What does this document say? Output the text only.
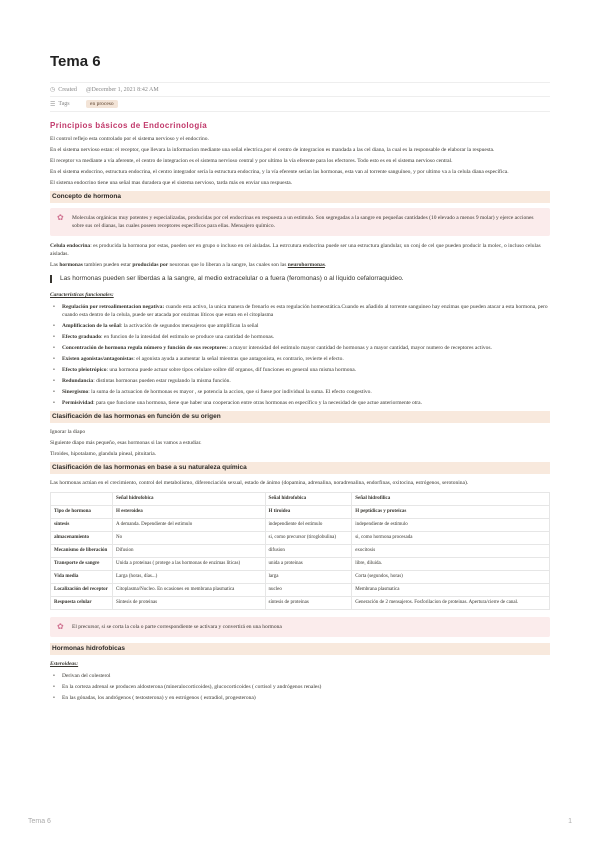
Tema 6
◷ Created @December 1, 2021 8:42 AM
☰ Tags	en proceso
Principios básicos de Endocrinología
El control reflejo esta controlado por el sistema nervioso y el endocrino.
En el sistema nervioso estan: el receptor, que llevara la informacion mediante una señal electrica,por el centro de integracion es mandada a las cel diana, la cual es la responsable de elaborar la respuesta.
El receptor va mediante a vía aferente, el centro de integracion es el sistema nervioso central y por ultimo la vía eferente para los efectores. Todo esto es en el sistema nervioso central.
En el sistema endocrino, estructura endocrina, el centro integrador sería la estructura endocrina, y la vía eferente serían las hormonas, esta van al torrente sanguíneo, y por ultimo va a la celula diana específica.
El sistema endocrino tiene una señal mas duradera que el sistema nervioso, tarda más en enviar una respuesta.
Concepto de hormona
✿ Moleculas orgánicas muy potentes y especializadas, producidas por cel endocrinas en respuesta a un estimulo. Son segregadas a la sangre en pequeñas cantidades (10 elevado a menos 9 molar) y ejerce acciones sobre sus cel dianas, las cuales poseen receptores específicos para ellas. Mensajero químico.
Celula endocrina: es producida la hormona por estas, pueden ser en grupo o incluso en cel aisladas. La estrcutura endocrina puede ser una estructura glandular, un conj de cel que pueden producir la molec, o incluso celulas aisladas.
Las hormonas tambien pueden estar producidas por neuronas que lo liberan a la sangre, las cuales son las neurohormonas.
Las hormonas pueden ser liberdas a la sangre, al medio extracelular o a fuera (feromonas) o al líquido cefalorraquideo.
Caracteristicas funcionales:
• Regulación por retroalimentacion negativa: cuando esta activo, la unica manera de frenarlo es esta regulación homeostática.Cuando es añadido al torrente sanguineo hay enzimas que pueden atacar a esta hormona, pero cuando esta dentro de la celula, puede ser atacada por enzimas líticos que estan en el citoplasma
• Amplificacion de la señal: la activación de segundos mensajeros que amplifican la señal
• Efecto graduado: en funcion de la intesidad del estimulo se produce una cantidad de hormonas.
• Concentración de hormona regula número y función de sus receptores: a mayor intensidad del estimulo mayor cantidad de hormonas y a mayor cantidad, mayor numero de receptores activos.
• Existen agonistas/antagonistas: el agonista ayuda a aumentar la señal mientras que antagonista, es contrario, revierte el efecto.
• Efecto pleiotrópico: una hormona puede actuar sobre tipos celulare soibre dif organos, dif funciones en general una misma hormona.
• Redundancia: distintas hormonas pueden estar regulando la misma función.
• Sinergismo: la suma de la actuacion de hormonas es mayor , se potencia la accion, que si fuese por individual la suma. El efecto congestivo.
• Permisividad: para que funcione una hormona, tiene que haber una cooperacion entre otras hormonas en específico y la necesidad de que actue anteriormente otra.
Clasificación de las hormonas en función de su origen
Ignorar la diapo
Siguiente diapo más pequeño, esas hormonas si las vamos a estudiar.
Tiroides, hipotalamo, glandula pineal, pituitaria.
Clasificación de las hormonas en base a su naturaleza química
Las hormonas actúan en el crecimiento, control del metabolismo, diferenciación sexual, estado de ánimo (dopamina, adrenalina, noradrenalina, endorfinas, oxitocina, estrógenos, serotonina).
	Señal hidrofobica	Señal hidrofobica	Señal hidrofilica
Tipo de hormona	H esteroidea	H tiroidea	H peptídicas y proteicas
síntesis	A demanda. Dependiente del estimulo	independiente del estimulo	independiente de estimulo
almacenamiento	No	si, como precursor (tiroglobulina)	si, como hormona procesada
Mecanismo de liberación	Difusion	difusion	exocitosis
Transporte de sangre	Unida a proteinas ( protege a las hormonas de enzimas líticas)	unida a proteinas	libre, diluida.
Vida media	Larga (horas, días...)	larga	Corta (segundos, horas)
Localización del receptor	Citoplasma/Nucleo. En ocasiones en membrana plasmatica	nucleo	Membrana plasmatica
Respuesta celular	Síntesis de proteinas	síntesis de proteinas	Generación de 2 mensajeros. Fosforilacion de proteinas. Apertura/cierre de canal.
✿ El precursor, si se corta la cola o parte correspondiente se activara y convertirá en una hormona
Hormonas hidrofobicas
Esteroideas:
• Derivan del colesterol
• En la corteza adrenal se producen aldosterona (mineralocorticoides), glucocorticoides ( cortisol y andrógenos renales)
• En las gónadas, los andrógenos ( testosterona) y en estrógenos ( estradiol, progesterona)
Tema 6	1
